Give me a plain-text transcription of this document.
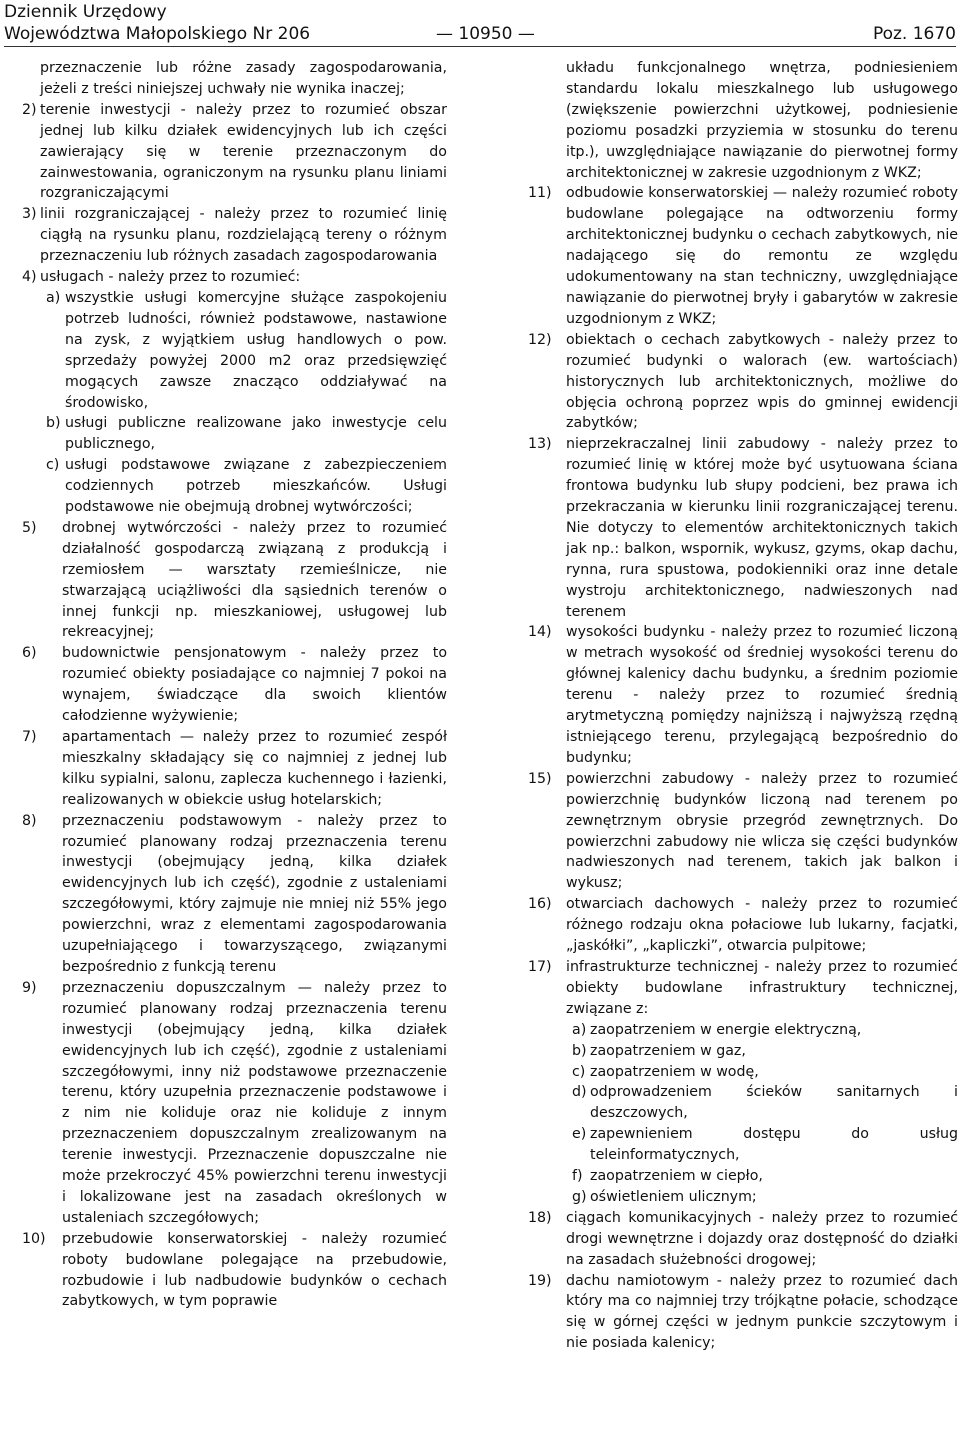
Dziennik Urzędowy
Województwa Małopolskiego Nr 206	— 10950 —	Poz. 1670
przeznaczenie lub różne zasady zagospodarowania, jeżeli z treści niniejszej uchwały nie wynika inaczej;
2) terenie inwestycji - należy przez to rozumieć obszar jednej lub kilku działek ewidencyjnych lub ich części zawierający się w terenie przeznaczonym do zainwestowania, ograniczonym na rysunku planu liniami rozgraniczającymi
3) linii rozgraniczającej - należy przez to rozumieć linię ciągłą na rysunku planu, rozdzielającą tereny o różnym przeznaczeniu lub różnych zasadach zagospodarowania
4) usługach - należy przez to rozumieć:
a) wszystkie usługi komercyjne służące zaspokojeniu potrzeb ludności, również podstawowe, nastawione na zysk, z wyjątkiem usług handlowych o pow. sprzedaży powyżej 2000 m2 oraz przedsięwzięć mogących zawsze znacząco oddziaływać na środowisko,
b) usługi publiczne realizowane jako inwestycje celu publicznego,
c) usługi podstawowe związane z zabezpieczeniem codziennych potrzeb mieszkańców. Usługi podstawowe nie obejmują drobnej wytwórczości;
5)	drobnej wytwórczości - należy przez to rozumieć działalność gospodarczą związaną z produkcją i rzemiosłem — warsztaty rzemieślnicze, nie stwarzającą uciążliwości dla sąsiednich terenów o innej funkcji np. mieszkaniowej, usługowej lub rekreacyjnej;
6)	budownictwie pensjonatowym - należy przez to rozumieć obiekty posiadające co najmniej 7 pokoi na wynajem, świadczące dla swoich klientów całodzienne wyżywienie;
7)	apartamentach — należy przez to rozumieć zespół mieszkalny składający się co najmniej z jednej lub kilku sypialni, salonu, zaplecza kuchennego i łazienki, realizowanych w obiekcie usług hotelarskich;
8)	przeznaczeniu podstawowym - należy przez to rozumieć planowany rodzaj przeznaczenia terenu inwestycji (obejmujący jedną, kilka działek ewidencyjnych lub ich część), zgodnie z ustaleniami szczegółowymi, który zajmuje nie mniej niż 55% jego powierzchni, wraz z elementami zagospodarowania uzupełniającego i towarzyszącego, związanymi bezpośrednio z funkcją terenu
9)	przeznaczeniu dopuszczalnym — należy przez to rozumieć planowany rodzaj przeznaczenia terenu inwestycji (obejmujący jedną, kilka działek ewidencyjnych lub ich część), zgodnie z ustaleniami szczegółowymi, inny niż podstawowe przeznaczenie terenu, który uzupełnia przeznaczenie podstawowe i z nim nie koliduje oraz nie koliduje z innym przeznaczeniem dopuszczalnym zrealizowanym na terenie inwestycji. Przeznaczenie dopuszczalne nie może przekroczyć 45% powierzchni terenu inwestycji i lokalizowane jest na zasadach określonych w ustaleniach szczegółowych;
10)	przebudowie konserwatorskiej - należy rozumieć roboty budowlane polegające na przebudowie, rozbudowie i lub nadbudowie budynków o cechach zabytkowych, w tym poprawie
układu funkcjonalnego wnętrza, podniesieniem standardu lokalu mieszkalnego lub usługowego (zwiększenie powierzchni użytkowej, podniesienie poziomu posadzki przyziemia w stosunku do terenu itp.), uwzględniające nawiązanie do pierwotnej formy architektonicznej w zakresie uzgodnionym z WKZ;
11)	odbudowie konserwatorskiej — należy rozumieć roboty budowlane polegające na odtworzeniu formy architektonicznej budynku o cechach zabytkowych, nie nadającego się do remontu ze względu udokumentowany na stan techniczny, uwzględniające nawiązanie do pierwotnej bryły i gabarytów w zakresie uzgodnionym z WKZ;
12)	obiektach o cechach zabytkowych - należy przez to rozumieć budynki o walorach (ew. wartościach) historycznych lub architektonicznych, możliwe do objęcia ochroną poprzez wpis do gminnej ewidencji zabytków;
13)	nieprzekraczalnej linii zabudowy - należy przez to rozumieć linię w której może być usytuowana ściana frontowa budynku lub słupy podcieni, bez prawa ich przekraczania w kierunku linii rozgraniczającej terenu. Nie dotyczy to elementów architektonicznych takich jak np.: balkon, wspornik, wykusz, gzyms, okap dachu, rynna, rura spustowa, podokienniki oraz inne detale wystroju architektonicznego, nadwieszonych nad terenem
14)	wysokości budynku - należy przez to rozumieć liczoną w metrach wysokość od średniej wysokości terenu do głównej kalenicy dachu budynku, a średnim poziomie terenu - należy przez to rozumieć średnią arytmetyczną pomiędzy najniższą i najwyższą rzędną istniejącego terenu, przylegającą bezpośrednio do budynku;
15)	powierzchni zabudowy - należy przez to rozumieć powierzchnię budynków liczoną nad terenem po zewnętrznym obrysie przegród zewnętrznych. Do powierzchni zabudowy nie wlicza się części budynków nadwieszonych nad terenem, takich jak balkon i wykusz;
16)	otwarciach dachowych - należy przez to rozumieć różnego rodzaju okna połaciowe lub lukarny, facjatki, „jaskółki”, „kapliczki”, otwarcia pulpitowe;
17)	infrastrukturze technicznej - należy przez to rozumieć obiekty budowlane infrastruktury technicznej, związane z:
a) zaopatrzeniem w energie elektryczną,
b) zaopatrzeniem w gaz,
c) zaopatrzeniem w wodę,
d) odprowadzeniem ścieków sanitarnych i deszczowych,
e) zapewnieniem dostępu do usług teleinformatycznych,
f) zaopatrzeniem w ciepło,
g) oświetleniem ulicznym;
18)	ciągach komunikacyjnych - należy przez to rozumieć drogi wewnętrzne i dojazdy oraz dostępność do działki na zasadach służebności drogowej;
19)	dachu namiotowym - należy przez to rozumieć dach który ma co najmniej trzy trójkątne połacie, schodzące się w górnej części w jednym punkcie szczytowym i nie posiada kalenicy;
